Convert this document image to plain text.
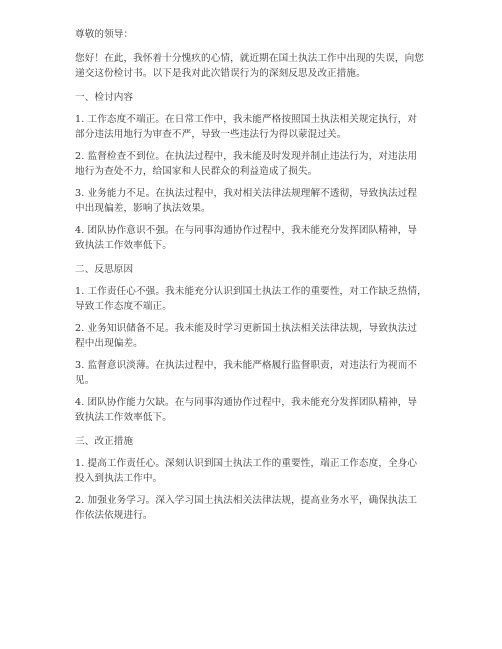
尊敬的领导：
您好！在此，我怀着十分愧疚的心情，就近期在国土执法工作中出现的失误，向您
递交这份检讨书。以下是我对此次错误行为的深刻反思及改正措施。
一、检讨内容
1. 工作态度不端正。在日常工作中，我未能严格按照国土执法相关规定执行，对
部分违法用地行为审查不严，导致一些违法行为得以蒙混过关。
2. 监督检查不到位。在执法过程中，我未能及时发现并制止违法行为，对违法用
地行为查处不力，给国家和人民群众的利益造成了损失。
3. 业务能力不足。在执法过程中，我对相关法律法规理解不透彻，导致执法过程
中出现偏差，影响了执法效果。
4. 团队协作意识不强。在与同事沟通协作过程中，我未能充分发挥团队精神，导
致执法工作效率低下。
二、反思原因
1. 工作责任心不强。我未能充分认识到国土执法工作的重要性，对工作缺乏热情，
导致工作态度不端正。
2. 业务知识储备不足。我未能及时学习更新国土执法相关法律法规，导致执法过
程中出现偏差。
3. 监督意识淡薄。在执法过程中，我未能严格履行监督职责，对违法行为视而不
见。
4. 团队协作能力欠缺。在与同事沟通协作过程中，我未能充分发挥团队精神，导
致执法工作效率低下。
三、改正措施
1. 提高工作责任心。深刻认识到国土执法工作的重要性，端正工作态度，全身心
投入到执法工作中。
2. 加强业务学习。深入学习国土执法相关法律法规，提高业务水平，确保执法工
作依法依规进行。
